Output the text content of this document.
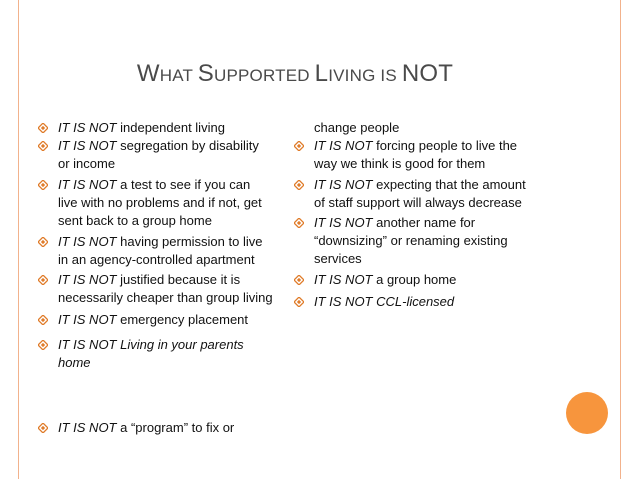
WHAT SUPPORTED LIVING IS NOT
IT IS NOT independent living
IT IS NOT segregation by disability
or income
IT IS NOT a test to see if you can
live with no problems and if not, get
sent back to a group home
IT IS NOT having permission to live
in an agency-controlled apartment
IT IS NOT justified because it is
necessarily cheaper than group living
IT IS NOT emergency placement
IT IS NOT Living in your parents
home
IT IS NOT a “program” to fix or
change people
IT IS NOT forcing people to live the
way we think is good for them
IT IS NOT expecting that the amount
of staff support will always decrease
IT IS NOT another name for
“downsizing” or renaming existing
services
IT IS NOT a group home
IT IS NOT CCL-licensed
